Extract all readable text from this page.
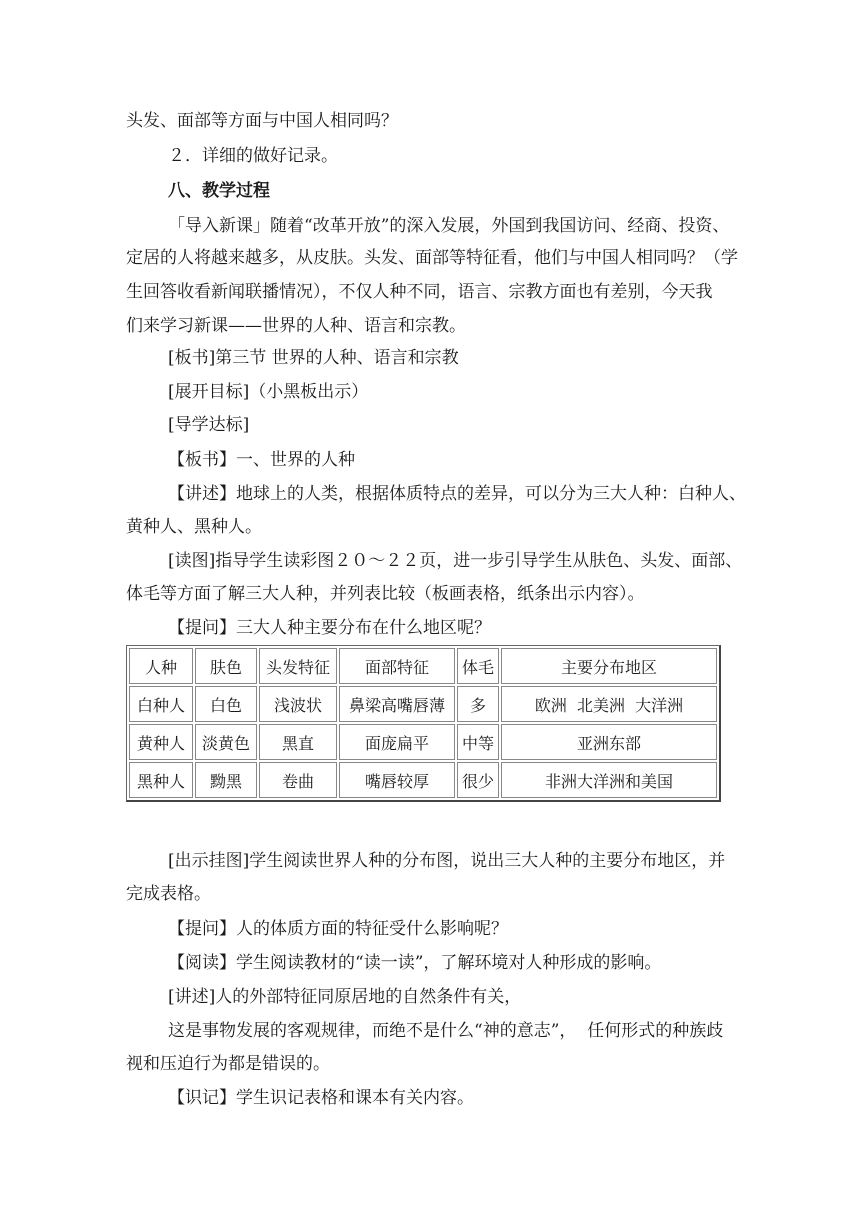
头发、面部等方面与中国人相同吗？
２．详细的做好记录。
八、教学过程
「导入新课」随着“改革开放”的深入发展，外国到我国访问、经商、投资、
定居的人将越来越多，从皮肤。头发、面部等特征看，他们与中国人相同吗？（学
生回答收看新闻联播情况），不仅人种不同，语言、宗教方面也有差别，今天我
们来学习新课——世界的人种、语言和宗教。
[板书]第三节 世界的人种、语言和宗教
[展开目标]（小黑板出示）
[导学达标]
【板书】一、世界的人种
【讲述】地球上的人类，根据体质特点的差异，可以分为三大人种：白种人、
黄种人、黑种人。
[读图]指导学生读彩图２０～２２页，进一步引导学生从肤色、头发、面部、
体毛等方面了解三大人种，并列表比较（板画表格，纸条出示内容）。
【提问】三大人种主要分布在什么地区呢？
人种	肤色	头发特征	面部特征	体毛	主要分布地区
白种人	白色	浅波状	鼻梁高嘴唇薄	多	欧洲  北美洲  大洋洲
黄种人	淡黄色	黑直	面庞扁平	中等	亚洲东部
黑种人	黝黑	卷曲	嘴唇较厚	很少	非洲大洋洲和美国
[出示挂图]学生阅读世界人种的分布图，说出三大人种的主要分布地区，并
完成表格。
【提问】人的体质方面的特征受什么影响呢？
【阅读】学生阅读教材的“读一读”，了解环境对人种形成的影响。
[讲述]人的外部特征同原居地的自然条件有关，
这是事物发展的客观规律，而绝不是什么“神的意志”，  任何形式的种族歧
视和压迫行为都是错误的。
【识记】学生识记表格和课本有关内容。
